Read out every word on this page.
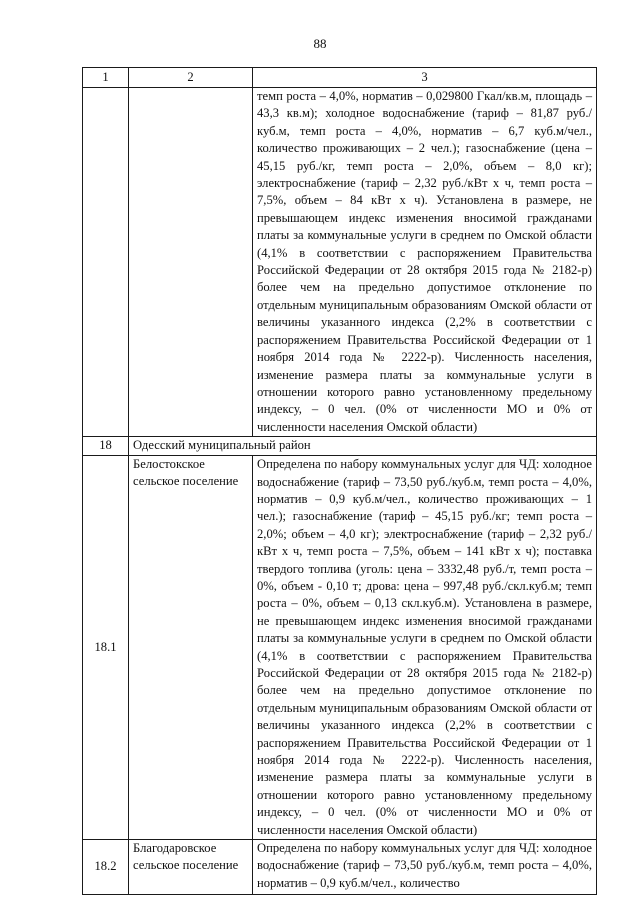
88
1	2	3
		темп роста – 4,0%, норматив – 0,029800 Гкал/кв.м, площадь – 43,3 кв.м); холодное водоснабжение (тариф – 81,87 руб./куб.м, темп роста – 4,0%, норматив – 6,7 куб.м/чел., количество проживающих – 2 чел.); газоснабжение (цена – 45,15 руб./кг, темп роста – 2,0%, объем – 8,0 кг); электроснабжение (тариф – 2,32 руб./кВт х ч, темп роста – 7,5%, объем – 84 кВт х ч). Установлена в размере, не превышающем индекс изменения вносимой гражданами платы за коммунальные услуги в среднем по Омской области (4,1% в соответствии с распоряжением Правительства Российской Федерации от 28 октября 2015 года № 2182-р) более чем на предельно допустимое отклонение по отдельным муниципальным образованиям Омской области от величины указанного индекса (2,2% в соответствии с распоряжением Правительства Российской Федерации от 1 ноября 2014 года № 2222-р). Численность населения, изменение размера платы за коммунальные услуги в отношении которого равно установленному предельному индексу, – 0 чел. (0% от численности МО и 0% от численности населения Омской области)
18	Одесский муниципальный район	
18.1	Белостокское сельское поселение	Определена по набору коммунальных услуг для ЧД: холодное водоснабжение (тариф – 73,50 руб./куб.м, темп роста – 4,0%, норматив – 0,9 куб.м/чел., количество проживающих – 1 чел.); газоснабжение (тариф – 45,15 руб./кг; темп роста – 2,0%; объем – 4,0 кг); электроснабжение (тариф – 2,32 руб./кВт х ч, темп роста – 7,5%, объем – 141 кВт х ч); поставка твердого топлива (уголь: цена – 3332,48 руб./т, темп роста – 0%, объем - 0,10 т; дрова: цена – 997,48 руб./скл.куб.м; темп роста – 0%, объем – 0,13 скл.куб.м). Установлена в размере, не превышающем индекс изменения вносимой гражданами платы за коммунальные услуги в среднем по Омской области (4,1% в соответствии с распоряжением Правительства Российской Федерации от 28 октября 2015 года № 2182-р) более чем на предельно допустимое отклонение по отдельным муниципальным образованиям Омской области от величины указанного индекса (2,2% в соответствии с распоряжением Правительства Российской Федерации от 1 ноября 2014 года № 2222-р). Численность населения, изменение размера платы за коммунальные услуги в отношении которого равно установленному предельному индексу, – 0 чел. (0% от численности МО и 0% от численности населения Омской области)
18.2	Благодаровское сельское поселение	Определена по набору коммунальных услуг для ЧД: холодное водоснабжение (тариф – 73,50 руб./куб.м, темп роста – 4,0%, норматив – 0,9 куб.м/чел., количество
